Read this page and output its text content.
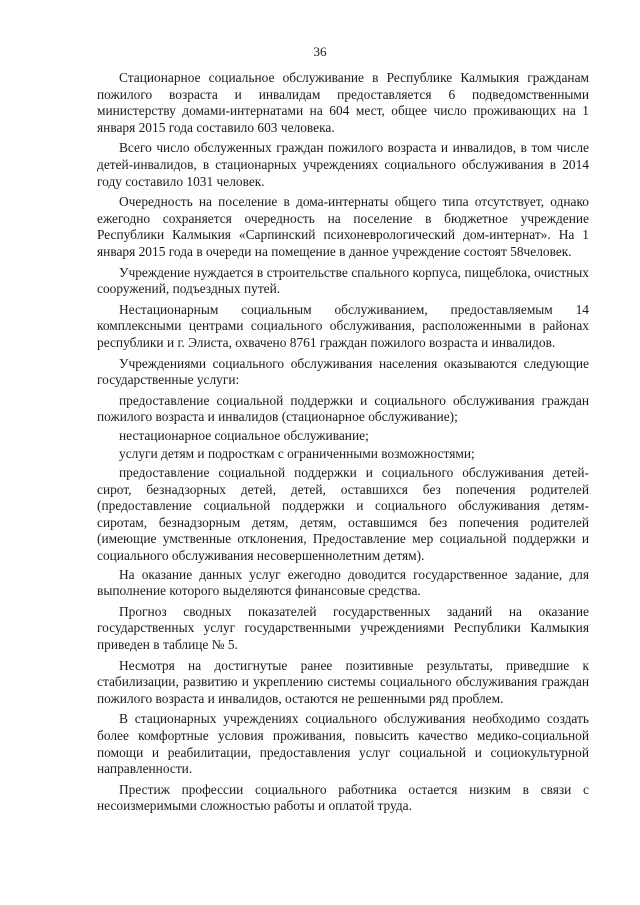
36

Стационарное социальное обслуживание в Республике Калмыкия гражданам пожилого возраста и инвалидам предоставляется 6 подведомственными министерству домами-интернатами на 604 мест, общее число проживающих на 1 января 2015 года составило 603 человека.

Всего число обслуженных граждан пожилого возраста и инвалидов, в том числе детей-инвалидов, в стационарных учреждениях социального обслуживания в 2014 году составило 1031 человек.

Очередность на поселение в дома-интернаты общего типа отсутствует, однако ежегодно сохраняется очередность на поселение в бюджетное учреждение Республики Калмыкия «Сарпинский психоневрологический дом-интернат». На 1 января 2015 года в очереди на помещение в данное учреждение состоят 58человек.

Учреждение нуждается в строительстве спального корпуса, пищеблока, очистных сооружений, подъездных путей.

Нестационарным социальным обслуживанием, предоставляемым 14 комплексными центрами социального обслуживания, расположенными в районах республики и г. Элиста, охвачено 8761 граждан пожилого возраста и инвалидов.

Учреждениями социального обслуживания населения оказываются следующие государственные услуги:

предоставление социальной поддержки и социального обслуживания граждан пожилого возраста и инвалидов (стационарное обслуживание);

нестационарное социальное обслуживание;

услуги детям и подросткам с ограниченными возможностями;

предоставление социальной поддержки и социального обслуживания детей-сирот, безнадзорных детей, детей, оставшихся без попечения родителей (предоставление социальной поддержки и социального обслуживания детям-сиротам, безнадзорным детям, детям, оставшимся без попечения родителей (имеющие умственные отклонения, Предоставление мер социальной поддержки и социального обслуживания несовершеннолетним детям).

На оказание данных услуг ежегодно доводится государственное задание, для выполнение которого выделяются финансовые средства.

Прогноз сводных показателей государственных заданий на оказание государственных услуг государственными учреждениями Республики Калмыкия приведен в таблице № 5.

Несмотря на достигнутые ранее позитивные результаты, приведшие к стабилизации, развитию и укреплению системы социального обслуживания граждан пожилого возраста и инвалидов, остаются не решенными ряд проблем.

В стационарных учреждениях социального обслуживания необходимо создать более комфортные условия проживания, повысить качество медико-социальной помощи и реабилитации, предоставления услуг социальной и социокультурной направленности.

Престиж профессии социального работника остается низким в связи с несоизмеримыми сложностью работы и оплатой труда.
